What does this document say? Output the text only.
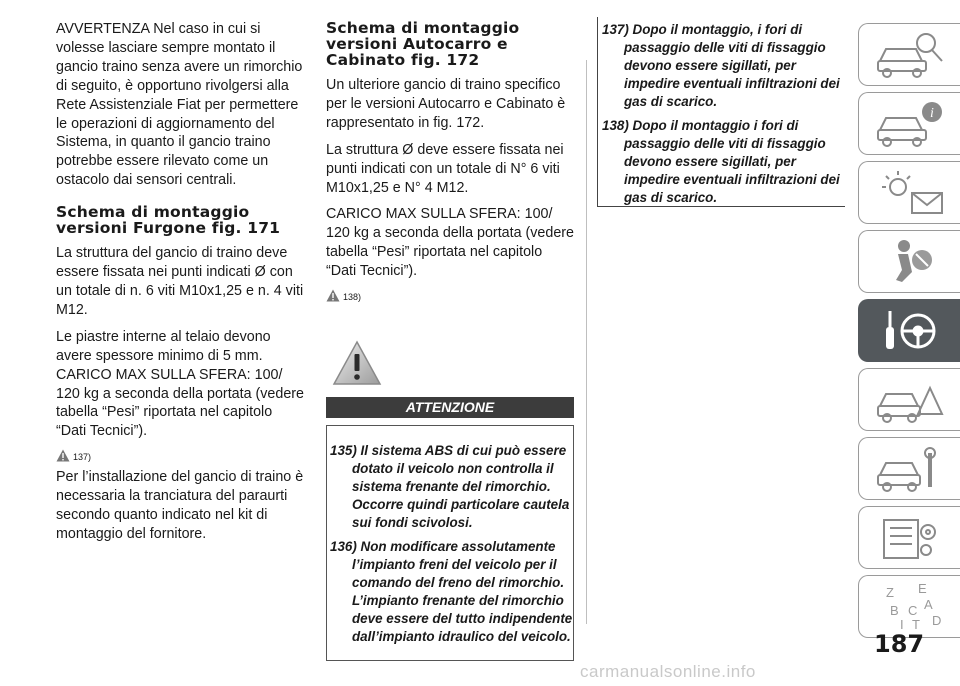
AVVERTENZA Nel caso in cui si volesse lasciare sempre montato il gancio traino senza avere un rimorchio di seguito, è opportuno rivolgersi alla Rete Assistenziale Fiat per permettere le operazioni di aggiornamento del Sistema, in quanto il gancio traino potrebbe essere rilevato come un ostacolo dai sensori centrali.

Schema di montaggio versioni Furgone fig. 171

La struttura del gancio di traino deve essere fissata nei punti indicati Ø con un totale di n. 6 viti M10x1,25 e n. 4 viti M12.

Le piastre interne al telaio devono avere spessore minimo di 5 mm. CARICO MAX SULLA SFERA: 100/ 120 kg a seconda della portata (vedere tabella “Pesi” riportata nel capitolo “Dati Tecnici”).

137)

Per l’installazione del gancio di traino è necessaria la tranciatura del paraurti secondo quanto indicato nel kit di montaggio del fornitore.

Schema di montaggio versioni Autocarro e Cabinato fig. 172

Un ulteriore gancio di traino specifico per le versioni Autocarro e Cabinato è rappresentato in fig. 172.

La struttura Ø deve essere fissata nei punti indicati con un totale di N° 6 viti M10x1,25 e N° 4 M12.

CARICO MAX SULLA SFERA: 100/ 120 kg a seconda della portata (vedere tabella “Pesi” riportata nel capitolo “Dati Tecnici”).

138)
ATTENZIONE

135) Il sistema ABS di cui può essere dotato il veicolo non controlla il sistema frenante del rimorchio. Occorre quindi particolare cautela sui fondi scivolosi.

136) Non modificare assolutamente l’impianto freni del veicolo per il comando del freno del rimorchio. L’impianto frenante del rimorchio deve essere del tutto indipendente dall’impianto idraulico del veicolo.

137) Dopo il montaggio, i fori di passaggio delle viti di fissaggio devono essere sigillati, per impedire eventuali infiltrazioni dei gas di scarico.

138) Dopo il montaggio i fori di passaggio delle viti di fissaggio devono essere sigillati, per impedire eventuali infiltrazioni dei gas di scarico.

i
Z E
A
B C
D
I T
187
carmanualsonline.info
